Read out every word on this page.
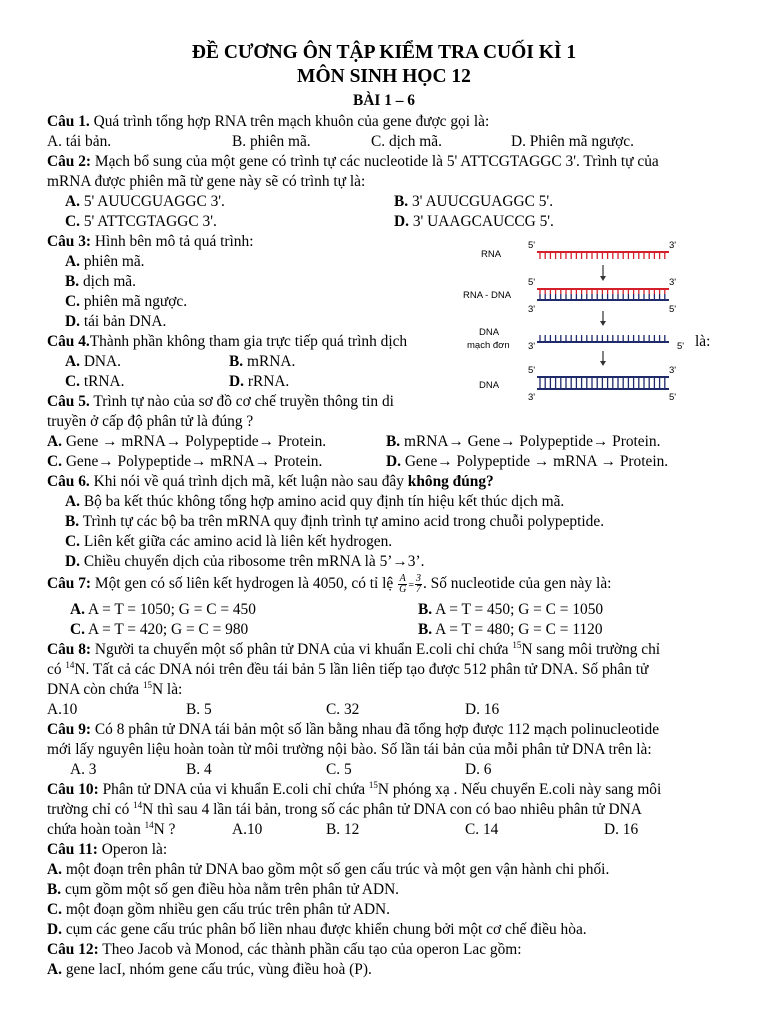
ĐỀ CƯƠNG ÔN TẬP KIỂM TRA CUỐI KÌ 1
MÔN SINH HỌC 12
BÀI 1 – 6
Câu 1. Quá trình tổng hợp RNA trên mạch khuôn của gene được gọi là:
A. tái bản.	B. phiên mã.	C. dịch mã.	D. Phiên mã ngược.
Câu 2: Mạch bổ sung của một gene có trình tự các nucleotide là 5' ATTCGTAGGC 3'. Trình tự của
mRNA được phiên mã từ gene này sẽ có trình tự là:
A. 5' AUUCGUAGGC 3'.	B. 3' AUUCGUAGGC 5'.
C. 5' ATTCGTAGGC 3'.	D. 3' UAAGCAUCCG 5'.
Câu 3: Hình bên mô tả quá trình:
A. phiên mã.
B. dịch mã.
C. phiên mã ngược.
D. tái bản DNA.
Câu 4.Thành phần không tham gia trực tiếp quá trình dịch	là:
A. DNA.	B. mRNA.
C. tRNA.	D. rRNA.
Câu 5. Trình tự nào của sơ đồ cơ chế truyền thông tin di
truyền ở cấp độ phân tử là đúng ?
A. Gene → mRNA→ Polypeptide→ Protein.	B. mRNA→ Gene→ Polypeptide→ Protein.
C. Gene→ Polypeptide→ mRNA→ Protein.	D. Gene→ Polypeptide → mRNA → Protein.
Câu 6. Khi nói về quá trình dịch mã, kết luận nào sau đây không đúng?
A. Bộ ba kết thúc không tổng hợp amino acid quy định tín hiệu kết thúc dịch mã.
B. Trình tự các bộ ba trên mRNA quy định trình tự amino acid trong chuỗi polypeptide.
C. Liên kết giữa các amino acid là liên kết hydrogen.
D. Chiều chuyển dịch của ribosome trên mRNA là 5’→3’.
Câu 7: Một gen có số liên kết hydrogen là 4050, có tỉ lệ $\frac{A}{G} = \frac{3}{7}$ . Số nucleotide của gen này là:
A. A = T = 1050; G = C = 450	B. A = T = 450; G = C = 1050
C. A = T = 420; G = C = 980	B. A = T = 480; G = C = 1120
Câu 8: Người ta chuyển một số phân tử DNA của vi khuẩn E.coli chỉ chứa $^{15}$N sang môi trường chỉ
có $^{14}$N. Tất cả các DNA nói trên đều tái bản 5 lần liên tiếp tạo được 512 phân tử DNA. Số phân tử
DNA còn chứa $^{15}$N là:
A.10	B. 5	C. 32	D. 16
Câu 9: Có 8 phân tử DNA tái bản một số lần bằng nhau đã tổng hợp được 112 mạch polinucleotide
mới lấy nguyên liệu hoàn toàn từ môi trường nội bào. Số lần tái bản của mỗi phân tử DNA trên là:
A. 3	B. 4	C. 5	D. 6
Câu 10: Phân tử DNA của vi khuẩn E.coli chỉ chứa $^{15}$N phóng xạ . Nếu chuyển E.coli này sang môi
trường chỉ có $^{14}$N thì sau 4 lần tái bản, trong số các phân tử DNA con có bao nhiêu phân tử DNA
chứa hoàn toàn $^{14}$N ?	A.10	B. 12	C. 14	D. 16
Câu 11: Operon là:
A. một đoạn trên phân tử DNA bao gồm một số gen cấu trúc và một gen vận hành chi phối.
B. cụm gồm một số gen điều hòa nằm trên phân tử ADN.
C. một đoạn gồm nhiều gen cấu trúc trên phân tử ADN.
D. cụm các gene cấu trúc phân bố liền nhau được khiển chung bởi một cơ chế điều hòa.
Câu 12: Theo Jacob và Monod, các thành phần cấu tạo của operon Lac gồm:
A. gene lacI, nhóm gene cấu trúc, vùng điều hoà (P).
RNA
RNA - DNA
DNA
mạch đơn
DNA
5'	3'
5'	3'
3'	5'
3'	5'
5'	3'
3'	5'
